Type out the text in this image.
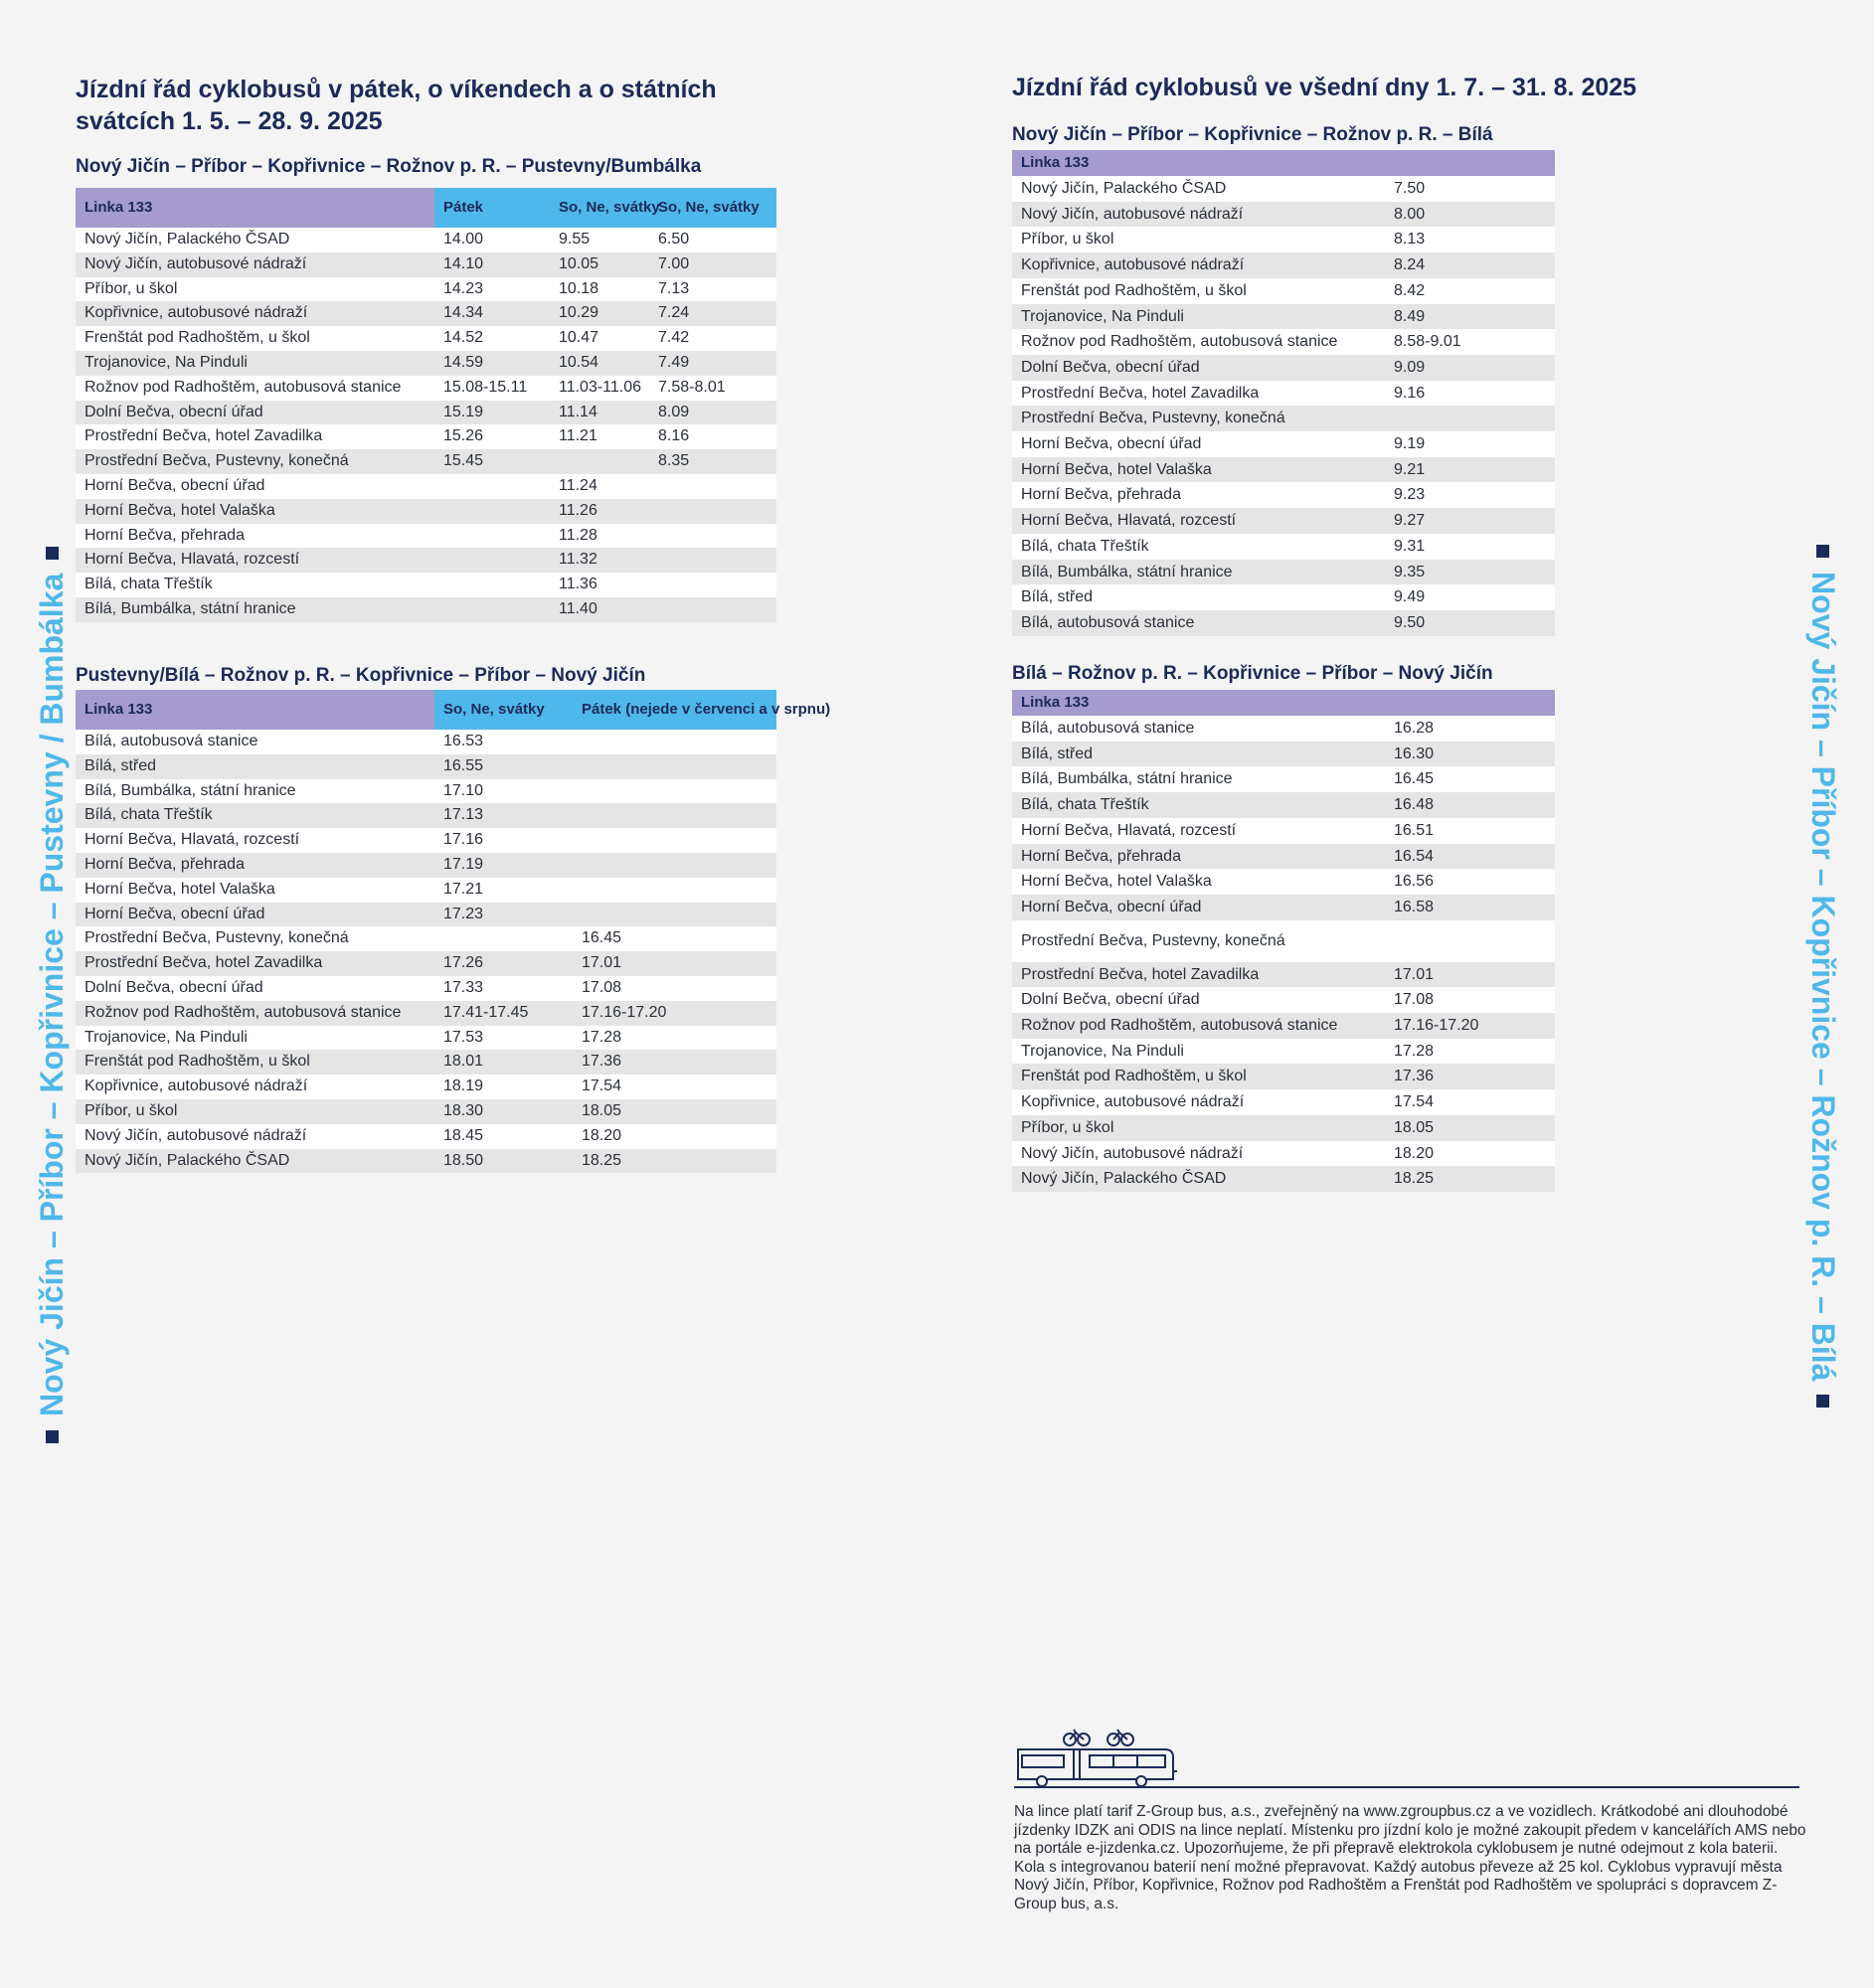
Jízdní řád cyklobusů v pátek, o víkendech a o státních svátcích 1. 5. – 28. 9. 2025
Nový Jičín – Příbor – Kopřivnice – Rožnov p. R. – Pustevny/Bumbálka
Linka 133	Pátek	So, Ne, svátky	So, Ne, svátky
Nový Jičín, Palackého ČSAD	14.00	9.55	6.50
Nový Jičín, autobusové nádraží	14.10	10.05	7.00
Příbor, u škol	14.23	10.18	7.13
Kopřivnice, autobusové nádraží	14.34	10.29	7.24
Frenštát pod Radhoštěm, u škol	14.52	10.47	7.42
Trojanovice, Na Pinduli	14.59	10.54	7.49
Rožnov pod Radhoštěm, autobusová stanice	15.08-15.11	11.03-11.06	7.58-8.01
Dolní Bečva, obecní úřad	15.19	11.14	8.09
Prostřední Bečva, hotel Zavadilka	15.26	11.21	8.16
Prostřední Bečva, Pustevny, konečná	15.45		8.35
Horní Bečva, obecní úřad		11.24	
Horní Bečva, hotel Valaška		11.26	
Horní Bečva, přehrada		11.28	
Horní Bečva, Hlavatá, rozcestí		11.32	
Bílá, chata Třeštík		11.36	
Bílá, Bumbálka, státní hranice		11.40	
Pustevny/Bílá – Rožnov p. R. – Kopřivnice – Příbor – Nový Jičín
Linka 133	So, Ne, svátky	Pátek (nejede v červenci a v srpnu)
Bílá, autobusová stanice	16.53	
Bílá, střed	16.55	
Bílá, Bumbálka, státní hranice	17.10	
Bílá, chata Třeštík	17.13	
Horní Bečva, Hlavatá, rozcestí	17.16	
Horní Bečva, přehrada	17.19	
Horní Bečva, hotel Valaška	17.21	
Horní Bečva, obecní úřad	17.23	
Prostřední Bečva, Pustevny, konečná		16.45
Prostřední Bečva, hotel Zavadilka	17.26	17.01
Dolní Bečva, obecní úřad	17.33	17.08
Rožnov pod Radhoštěm, autobusová stanice	17.41-17.45	17.16-17.20
Trojanovice, Na Pinduli	17.53	17.28
Frenštát pod Radhoštěm, u škol	18.01	17.36
Kopřivnice, autobusové nádraží	18.19	17.54
Příbor, u škol	18.30	18.05
Nový Jičín, autobusové nádraží	18.45	18.20
Nový Jičín, Palackého ČSAD	18.50	18.25
Jízdní řád cyklobusů ve všední dny 1. 7. – 31. 8. 2025
Nový Jičín – Příbor – Kopřivnice – Rožnov p. R. – Bílá
Linka 133	
Nový Jičín, Palackého ČSAD	7.50
Nový Jičín, autobusové nádraží	8.00
Příbor, u škol	8.13
Kopřivnice, autobusové nádraží	8.24
Frenštát pod Radhoštěm, u škol	8.42
Trojanovice, Na Pinduli	8.49
Rožnov pod Radhoštěm, autobusová stanice	8.58-9.01
Dolní Bečva, obecní úřad	9.09
Prostřední Bečva, hotel Zavadilka	9.16
Prostřední Bečva, Pustevny, konečná	
Horní Bečva, obecní úřad	9.19
Horní Bečva, hotel Valaška	9.21
Horní Bečva, přehrada	9.23
Horní Bečva, Hlavatá, rozcestí	9.27
Bílá, chata Třeštík	9.31
Bílá, Bumbálka, státní hranice	9.35
Bílá, střed	9.49
Bílá, autobusová stanice	9.50
Bílá – Rožnov p. R. – Kopřivnice – Příbor – Nový Jičín
Linka 133	
Bílá, autobusová stanice	16.28
Bílá, střed	16.30
Bílá, Bumbálka, státní hranice	16.45
Bílá, chata Třeštík	16.48
Horní Bečva, Hlavatá, rozcestí	16.51
Horní Bečva, přehrada	16.54
Horní Bečva, hotel Valaška	16.56
Horní Bečva, obecní úřad	16.58
Prostřední Bečva, Pustevny, konečná	
Prostřední Bečva, hotel Zavadilka	17.01
Dolní Bečva, obecní úřad	17.08
Rožnov pod Radhoštěm, autobusová stanice	17.16-17.20
Trojanovice, Na Pinduli	17.28
Frenštát pod Radhoštěm, u škol	17.36
Kopřivnice, autobusové nádraží	17.54
Příbor, u škol	18.05
Nový Jičín, autobusové nádraží	18.20
Nový Jičín, Palackého ČSAD	18.25
Nový Jičín – Příbor – Kopřivnice – Pustevny / Bumbálka	Nový Jičín – Příbor – Kopřivnice – Rožnov p. R. – Bílá

Na lince platí tarif Z-Group bus, a.s., zveřejněný na www.zgroupbus.cz a ve vozidlech. Krátkodobé ani dlouhodobé jízdenky IDZK ani ODIS na lince neplatí. Místenku pro jízdní kolo je možné zakoupit předem v kancelářích AMS nebo na portále e-jizdenka.cz. Upozorňujeme, že při přepravě elektrokola cyklobusem je nutné odejmout z kola baterii. Kola s integrovanou baterií není možné přepravovat. Každý autobus převeze až 25 kol. Cyklobus vypravují města Nový Jičín, Příbor, Kopřivnice, Rožnov pod Radhoštěm a Frenštát pod Radhoštěm ve spolupráci s dopravcem Z-Group bus, a.s.
